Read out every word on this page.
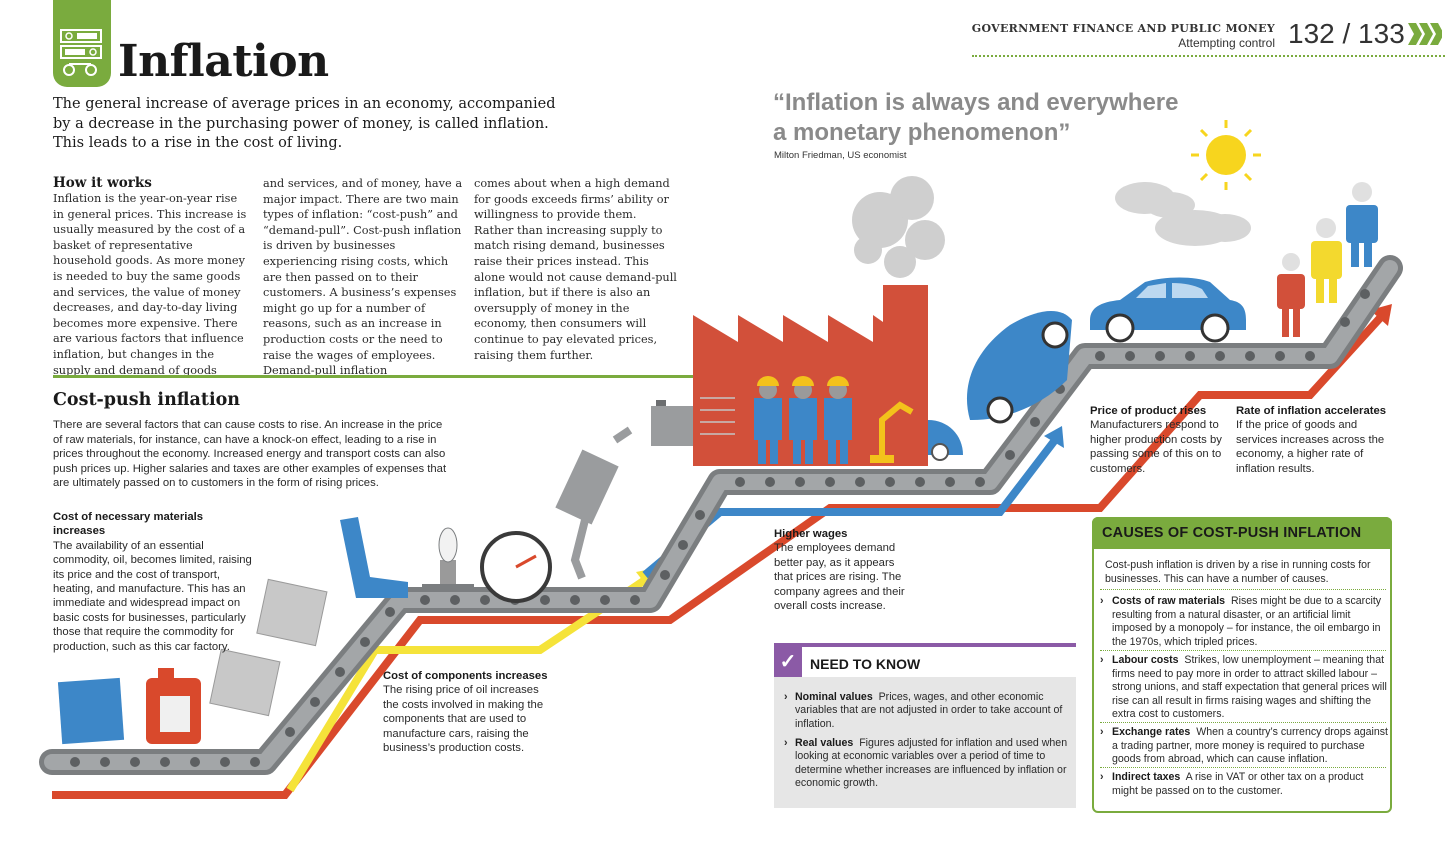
Inflation
GOVERNMENT FINANCE AND PUBLIC MONEY
Attempting control 132 / 133
The general increase of average prices in an economy, accompanied by a decrease in the purchasing power of money, is called inflation. This leads to a rise in the cost of living.
How it works
Inflation is the year-on-year rise in general prices. This increase is usually measured by the cost of a basket of representative household goods. As more money is needed to buy the same goods and services, the value of money decreases, and day-to-day living becomes more expensive. There are various factors that influence inflation, but changes in the supply and demand of goods
and services, and of money, have a major impact. There are two main types of inflation: “cost-push” and “demand-pull”. Cost-push inflation is driven by businesses experiencing rising costs, which are then passed on to their customers. A business’s expenses might go up for a number of reasons, such as an increase in production costs or the need to raise the wages of employees. Demand-pull inflation
comes about when a high demand for goods exceeds firms’ ability or willingness to provide them. Rather than increasing supply to match rising demand, businesses raise their prices instead. This alone would not cause demand-pull inflation, but if there is also an oversupply of money in the economy, then consumers will continue to pay elevated prices, raising them further.
Cost-push inflation
There are several factors that can cause costs to rise. An increase in the price of raw materials, for instance, can have a knock-on effect, leading to a rise in prices throughout the economy. Increased energy and transport costs can also push prices up. Higher salaries and taxes are other examples of expenses that are ultimately passed on to customers in the form of rising prices.
Cost of necessary materials increases
The availability of an essential commodity, oil, becomes limited, raising its price and the cost of transport, heating, and manufacture. This has an immediate and widespread impact on basic costs for businesses, particularly those that require the commodity for production, such as this car factory.
Cost of components increases
The rising price of oil increases the costs involved in making the components that are used to manufacture cars, raising the business’s production costs.
Higher wages
The employees demand better pay, as it appears that prices are rising. The company agrees and their overall costs increase.
Price of product rises
Manufacturers respond to higher production costs by passing some of this on to customers.
Rate of inflation accelerates
If the price of goods and services increases across the economy, a higher rate of inflation results.
“Inflation is always and everywhere
a monetary phenomenon”
Milton Friedman, US economist
✓ NEED TO KNOW
› Nominal values Prices, wages, and other economic variables that are not adjusted in order to take account of inflation.
› Real values Figures adjusted for inflation and used when looking at economic variables over a period of time to determine whether increases are influenced by inflation or economic growth.
CAUSES OF COST-PUSH INFLATION
Cost-push inflation is driven by a rise in running costs for businesses. This can have a number of causes.
› Costs of raw materials Rises might be due to a scarcity resulting from a natural disaster, or an artificial limit imposed by a monopoly – for instance, the oil embargo in the 1970s, which tripled prices.
› Labour costs Strikes, low unemployment – meaning that firms need to pay more in order to attract skilled labour – strong unions, and staff expectation that general prices will rise can all result in firms raising wages and shifting the extra cost to customers.
› Exchange rates When a country’s currency drops against a trading partner, more money is required to purchase goods from abroad, which can cause inflation.
› Indirect taxes A rise in VAT or other tax on a product might be passed on to the customer.
